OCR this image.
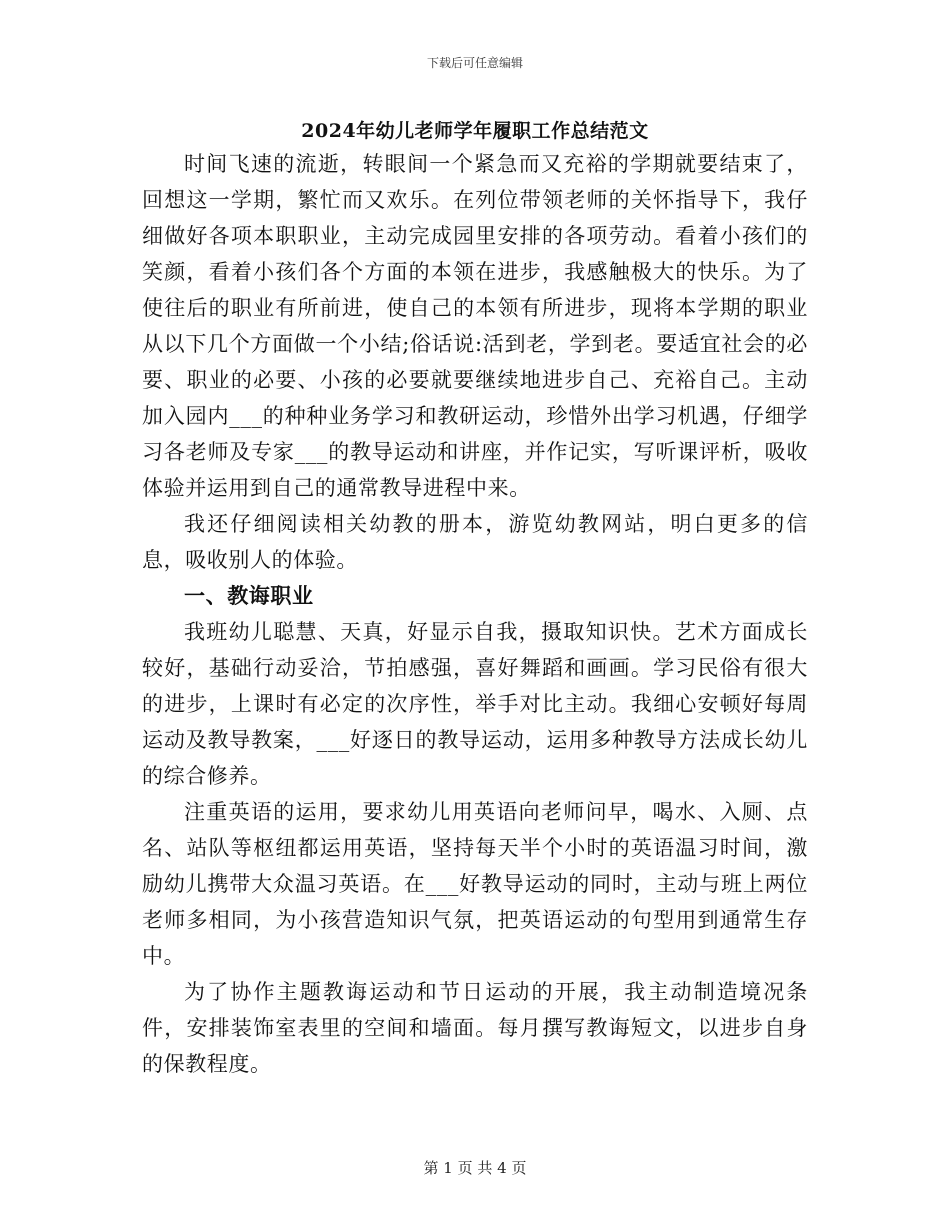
下载后可任意编辑
2024年幼儿老师学年履职工作总结范文

时间飞速的流逝，转眼间一个紧急而又充裕的学期就要结束了，回想这一学期，繁忙而又欢乐。在列位带领老师的关怀指导下，我仔细做好各项本职职业，主动完成园里安排的各项劳动。看着小孩们的笑颜，看着小孩们各个方面的本领在进步，我感触极大的快乐。为了使往后的职业有所前进，使自己的本领有所进步，现将本学期的职业从以下几个方面做一个小结;俗话说:活到老，学到老。要适宜社会的必要、职业的必要、小孩的必要就要继续地进步自己、充裕自己。主动加入园内___的种种业务学习和教研运动，珍惜外出学习机遇，仔细学习各老师及专家___的教导运动和讲座，并作记实，写听课评析，吸收体验并运用到自己的通常教导进程中来。

我还仔细阅读相关幼教的册本，游览幼教网站，明白更多的信息，吸收别人的体验。

一、教诲职业

我班幼儿聪慧、天真，好显示自我，摄取知识快。艺术方面成长较好，基础行动妥洽，节拍感强，喜好舞蹈和画画。学习民俗有很大的进步，上课时有必定的次序性，举手对比主动。我细心安顿好每周运动及教导教案，___好逐日的教导运动，运用多种教导方法成长幼儿的综合修养。

注重英语的运用，要求幼儿用英语向老师问早，喝水、入厕、点名、站队等枢纽都运用英语，坚持每天半个小时的英语温习时间，激励幼儿携带大众温习英语。在___好教导运动的同时，主动与班上两位老师多相同，为小孩营造知识气氛，把英语运动的句型用到通常生存中。

为了协作主题教诲运动和节日运动的开展，我主动制造境况条件，安排装饰室表里的空间和墙面。每月撰写教诲短文，以进步自身的保教程度。

第 1 页 共 4 页
